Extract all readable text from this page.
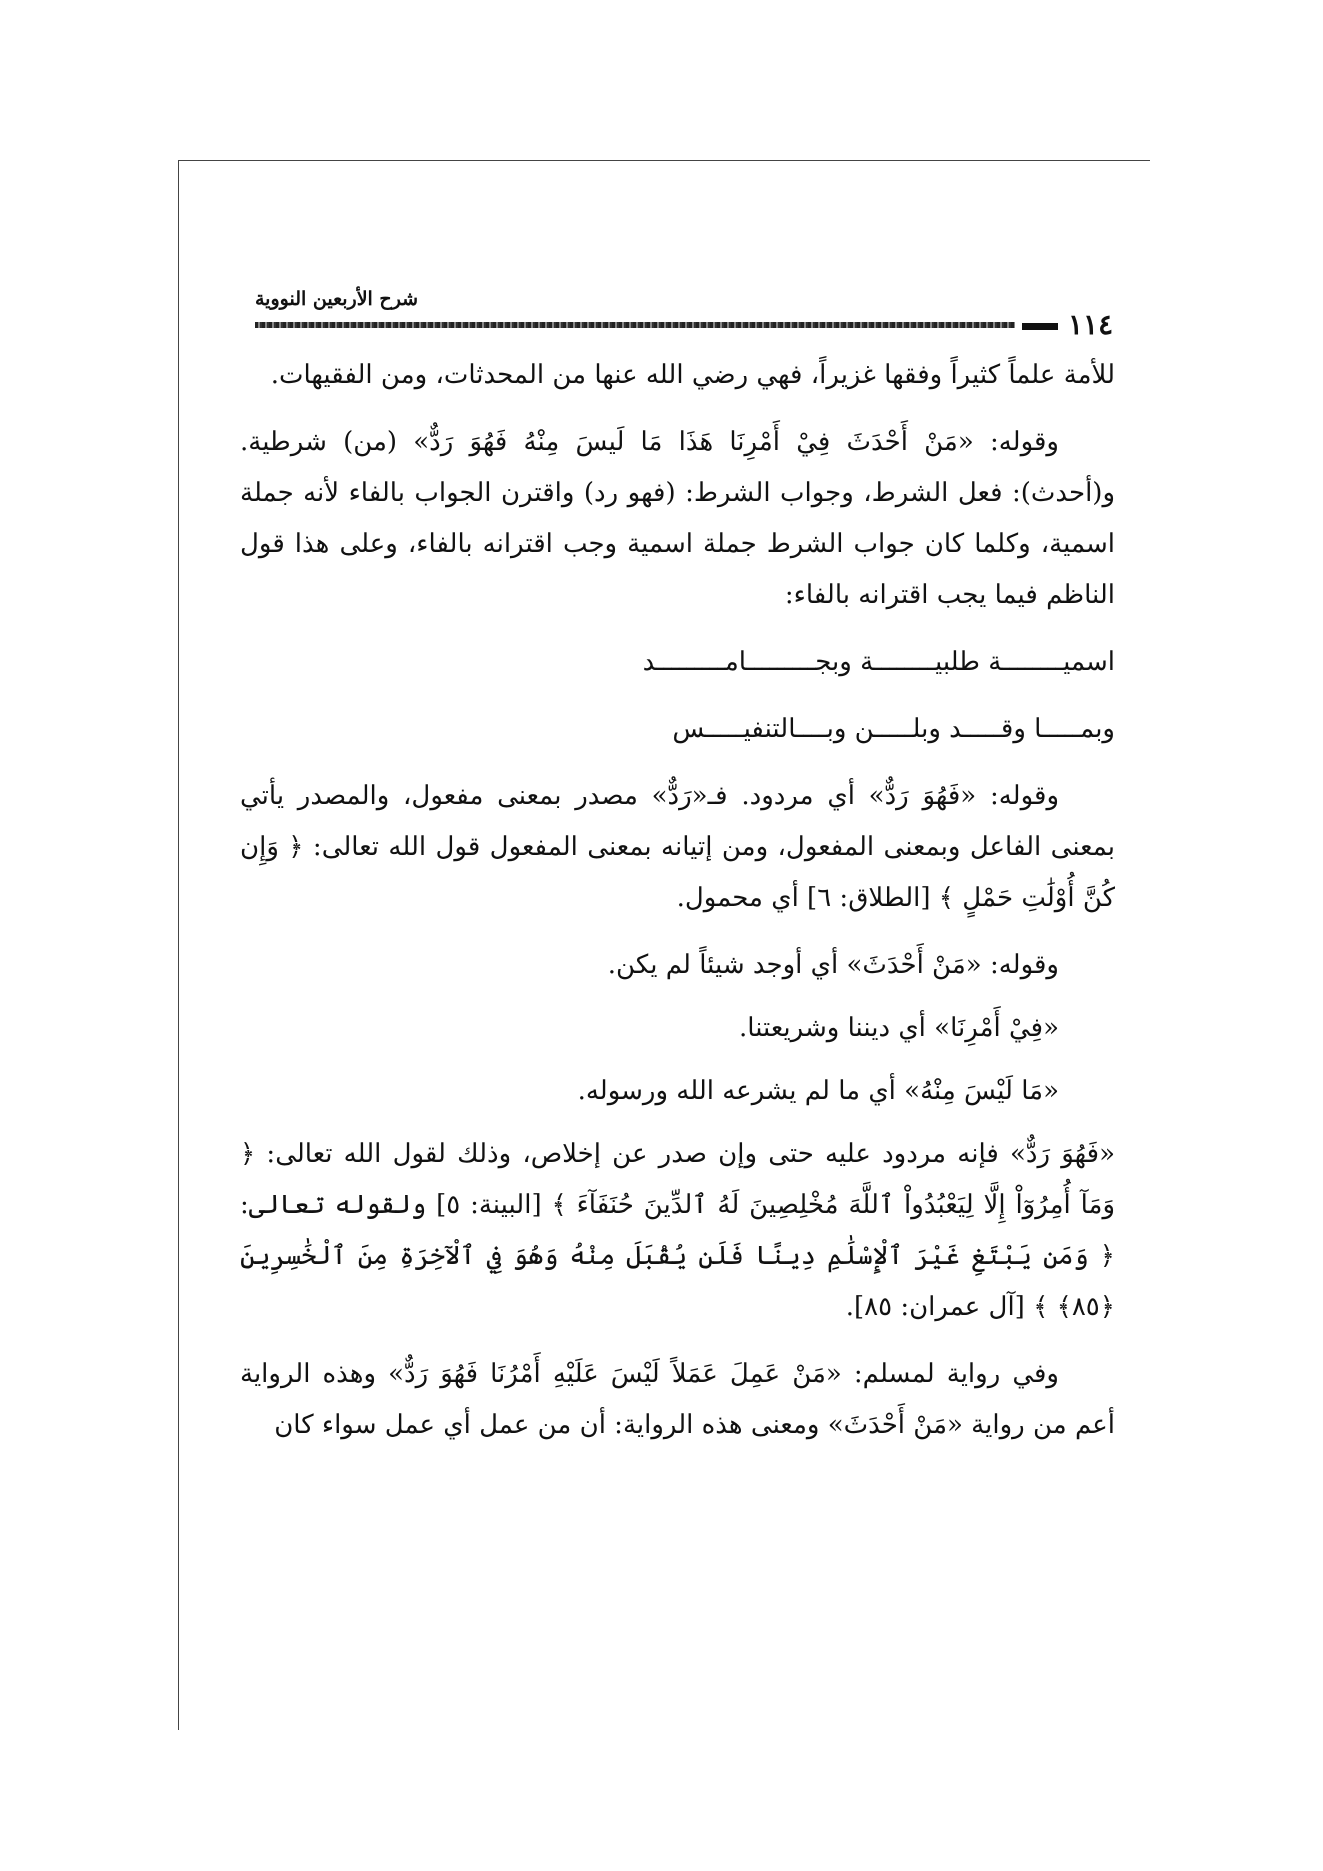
شرح الأربعين النووية
١١٤

للأمة علماً كثيراً وفقها غزيراً، فهي رضي الله عنها من المحدثات، ومن الفقيهات.

وقوله: «مَنْ أَحْدَثَ فِيْ أَمْرِنَا هَذَا مَا لَيسَ مِنْهُ فَهُوَ رَدٌّ» (من) شرطية. و(أحدث): فعل الشرط، وجواب الشرط: (فهو رد) واقترن الجواب بالفاء لأنه جملة اسمية، وكلما كان جواب الشرط جملة اسمية وجب اقترانه بالفاء، وعلى هذا قول الناظم فيما يجب اقترانه بالفاء:

اسميــــــــة طلبيــــــــة وبجـــــــــامـــــــــد

وبمـــــا وقـــــد وبلـــــن وبــــالتنفيـــــس

وقوله: «فَهُوَ رَدٌّ» أي مردود. فـ«رَدٌّ» مصدر بمعنى مفعول، والمصدر يأتي بمعنى الفاعل وبمعنى المفعول، ومن إتيانه بمعنى المفعول قول الله تعالى: ﴿ وَإِن كُنَّ أُوْلَٰتِ حَمْلٍ ﴾ [الطلاق: ٦] أي محمول.

وقوله: «مَنْ أَحْدَثَ» أي أوجد شيئاً لم يكن.

«فِيْ أَمْرِنَا» أي ديننا وشريعتنا.

«مَا لَيْسَ مِنْهُ» أي ما لم يشرعه الله ورسوله.

«فَهُوَ رَدٌّ» فإنه مردود عليه حتى وإن صدر عن إخلاص، وذلك لقول الله تعالى: ﴿ وَمَآ أُمِرُوٓاْ إِلَّا لِيَعْبُدُواْ ٱللَّهَ مُخْلِصِينَ لَهُ ٱلدِّينَ حُنَفَآءَ ﴾ [البينة: ٥] ولقوله تعالى: ﴿ وَمَن يَبْتَغِ غَيْرَ ٱلْإِسْلَٰمِ دِينًا فَلَن يُقْبَلَ مِنْهُ وَهُوَ فِي ٱلْآخِرَةِ مِنَ ٱلْخَٰسِرِينَ ﴿٨٥﴾ ﴾ [آل عمران: ٨٥].

وفي رواية لمسلم: «مَنْ عَمِلَ عَمَلاً لَيْسَ عَلَيْهِ أَمْرُنَا فَهُوَ رَدٌّ» وهذه الرواية أعم من رواية «مَنْ أَحْدَثَ» ومعنى هذه الرواية: أن من عمل أي عمل سواء كان
